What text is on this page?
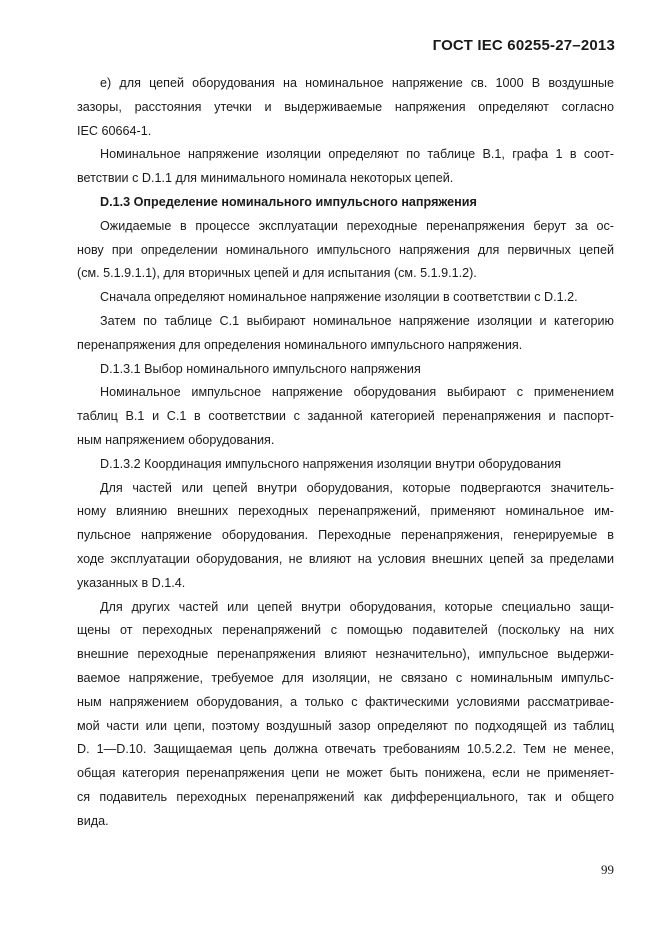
ГОСТ IEC 60255-27–2013
е) для цепей оборудования на номинальное напряжение св. 1000 В воздушные
зазоры, расстояния утечки и выдерживаемые напряжения определяют согласно
IEC 60664-1.
Номинальное напряжение изоляции определяют по таблице В.1, графа 1 в соот-
ветствии с D.1.1 для минимального номинала некоторых цепей.
D.1.3 Определение номинального импульсного напряжения
Ожидаемые в процессе эксплуатации переходные перенапряжения берут за ос-
нову при определении номинального импульсного напряжения для первичных цепей
(см. 5.1.9.1.1), для вторичных цепей и для испытания (см. 5.1.9.1.2).
Сначала определяют номинальное напряжение изоляции в соответствии с D.1.2.
Затем по таблице С.1 выбирают номинальное напряжение изоляции и категорию
перенапряжения для определения номинального импульсного напряжения.
D.1.3.1 Выбор номинального импульсного напряжения
Номинальное импульсное напряжение оборудования выбирают с применением
таблиц В.1 и С.1 в соответствии с заданной категорией перенапряжения и паспорт-
ным напряжением оборудования.
D.1.3.2 Координация импульсного напряжения изоляции внутри оборудования
Для частей или цепей внутри оборудования, которые подвергаются значитель-
ному влиянию внешних переходных перенапряжений, применяют номинальное им-
пульсное напряжение оборудования. Переходные перенапряжения, генерируемые в
ходе эксплуатации оборудования, не влияют на условия внешних цепей за пределами
указанных в D.1.4.
Для других частей или цепей внутри оборудования, которые специально защи-
щены от переходных перенапряжений с помощью подавителей (поскольку на них
внешние переходные перенапряжения влияют незначительно), импульсное выдержи-
ваемое напряжение, требуемое для изоляции, не связано с номинальным импульс-
ным напряжением оборудования, а только с фактическими условиями рассматривае-
мой части или цепи, поэтому воздушный зазор определяют по подходящей из таблиц
D. 1—D.10. Защищаемая цепь должна отвечать требованиям 10.5.2.2. Тем не менее,
общая категория перенапряжения цепи не может быть понижена, если не применяет-
ся подавитель переходных перенапряжений как дифференциального, так и общего
вида.
99
